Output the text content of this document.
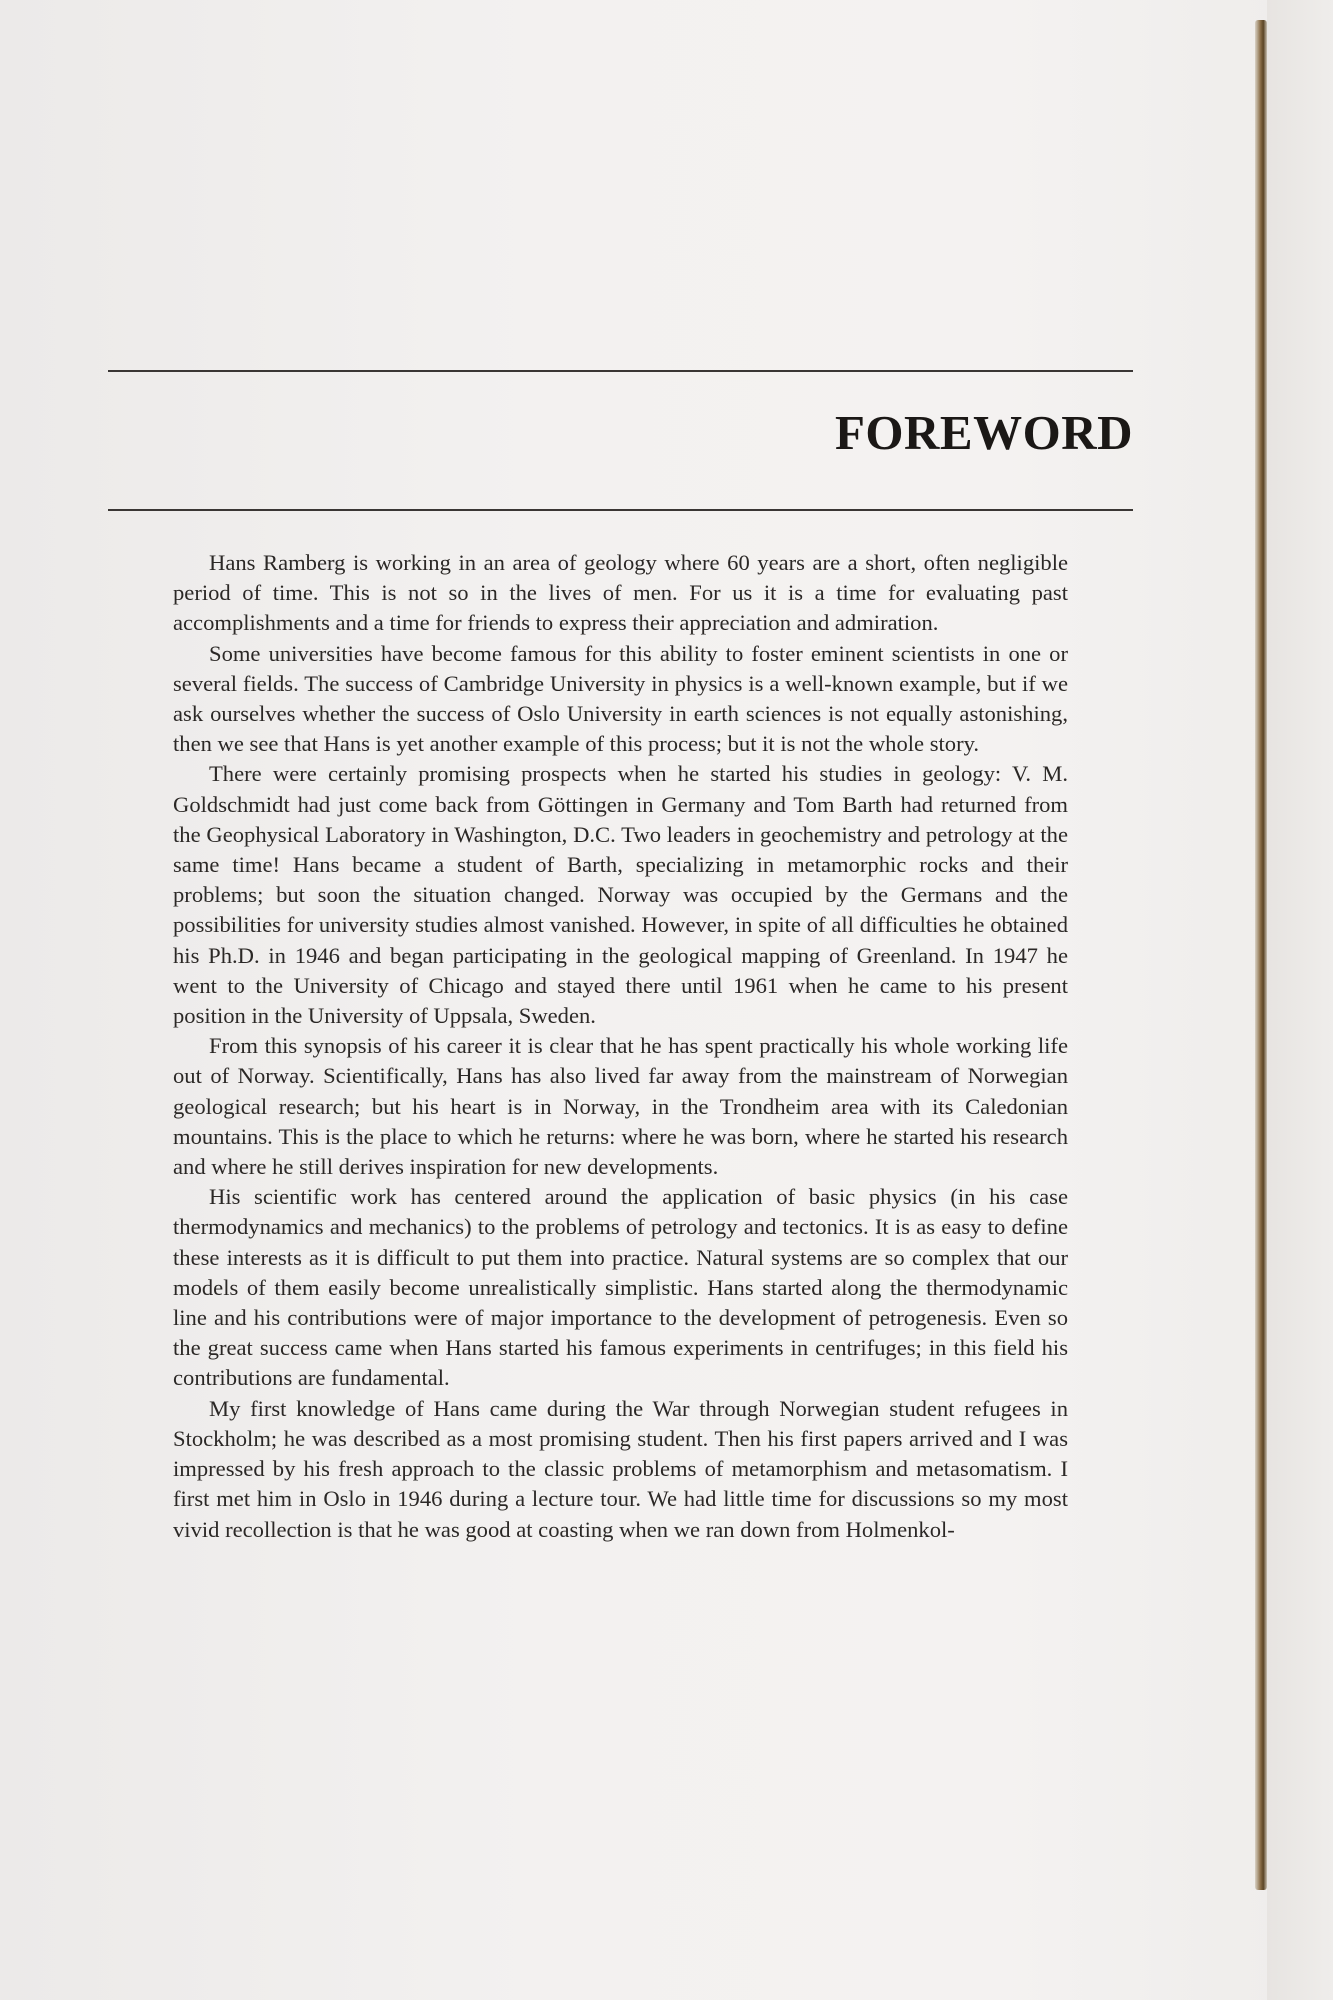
FOREWORD

Hans Ramberg is working in an area of geology where 60 years are a short, often negligible period of time. This is not so in the lives of men. For us it is a time for evaluating past accomplishments and a time for friends to express their appreciation and admiration.

Some universities have become famous for this ability to foster eminent scientists in one or several fields. The success of Cambridge University in physics is a well-known example, but if we ask ourselves whether the success of Oslo University in earth sciences is not equally astonishing, then we see that Hans is yet another example of this process; but it is not the whole story.

There were certainly promising prospects when he started his studies in geology: V. M. Goldschmidt had just come back from Göttingen in Germany and Tom Barth had returned from the Geophysical Laboratory in Washington, D.C. Two leaders in geochemistry and petrology at the same time! Hans became a student of Barth, specializing in metamorphic rocks and their problems; but soon the situation changed. Norway was occupied by the Germans and the possibilities for university studies almost vanished. However, in spite of all difficulties he obtained his Ph.D. in 1946 and began participating in the geological mapping of Greenland. In 1947 he went to the University of Chicago and stayed there until 1961 when he came to his present position in the University of Uppsala, Sweden.

From this synopsis of his career it is clear that he has spent practically his whole working life out of Norway. Scientifically, Hans has also lived far away from the mainstream of Norwegian geological research; but his heart is in Norway, in the Trondheim area with its Caledonian mountains. This is the place to which he returns: where he was born, where he started his research and where he still derives inspiration for new developments.

His scientific work has centered around the application of basic physics (in his case thermodynamics and mechanics) to the problems of petrology and tectonics. It is as easy to define these interests as it is difficult to put them into practice. Natural systems are so complex that our models of them easily become unrealistically simplistic. Hans started along the thermodynamic line and his contributions were of major importance to the development of petrogenesis. Even so the great success came when Hans started his famous experiments in centrifuges; in this field his contributions are fundamental.

My first knowledge of Hans came during the War through Norwegian student refugees in Stockholm; he was described as a most promising student. Then his first papers arrived and I was impressed by his fresh approach to the classic problems of metamorphism and metasomatism. I first met him in Oslo in 1946 during a lecture tour. We had little time for discussions so my most vivid recollection is that he was good at coasting when we ran down from Holmenkol-
